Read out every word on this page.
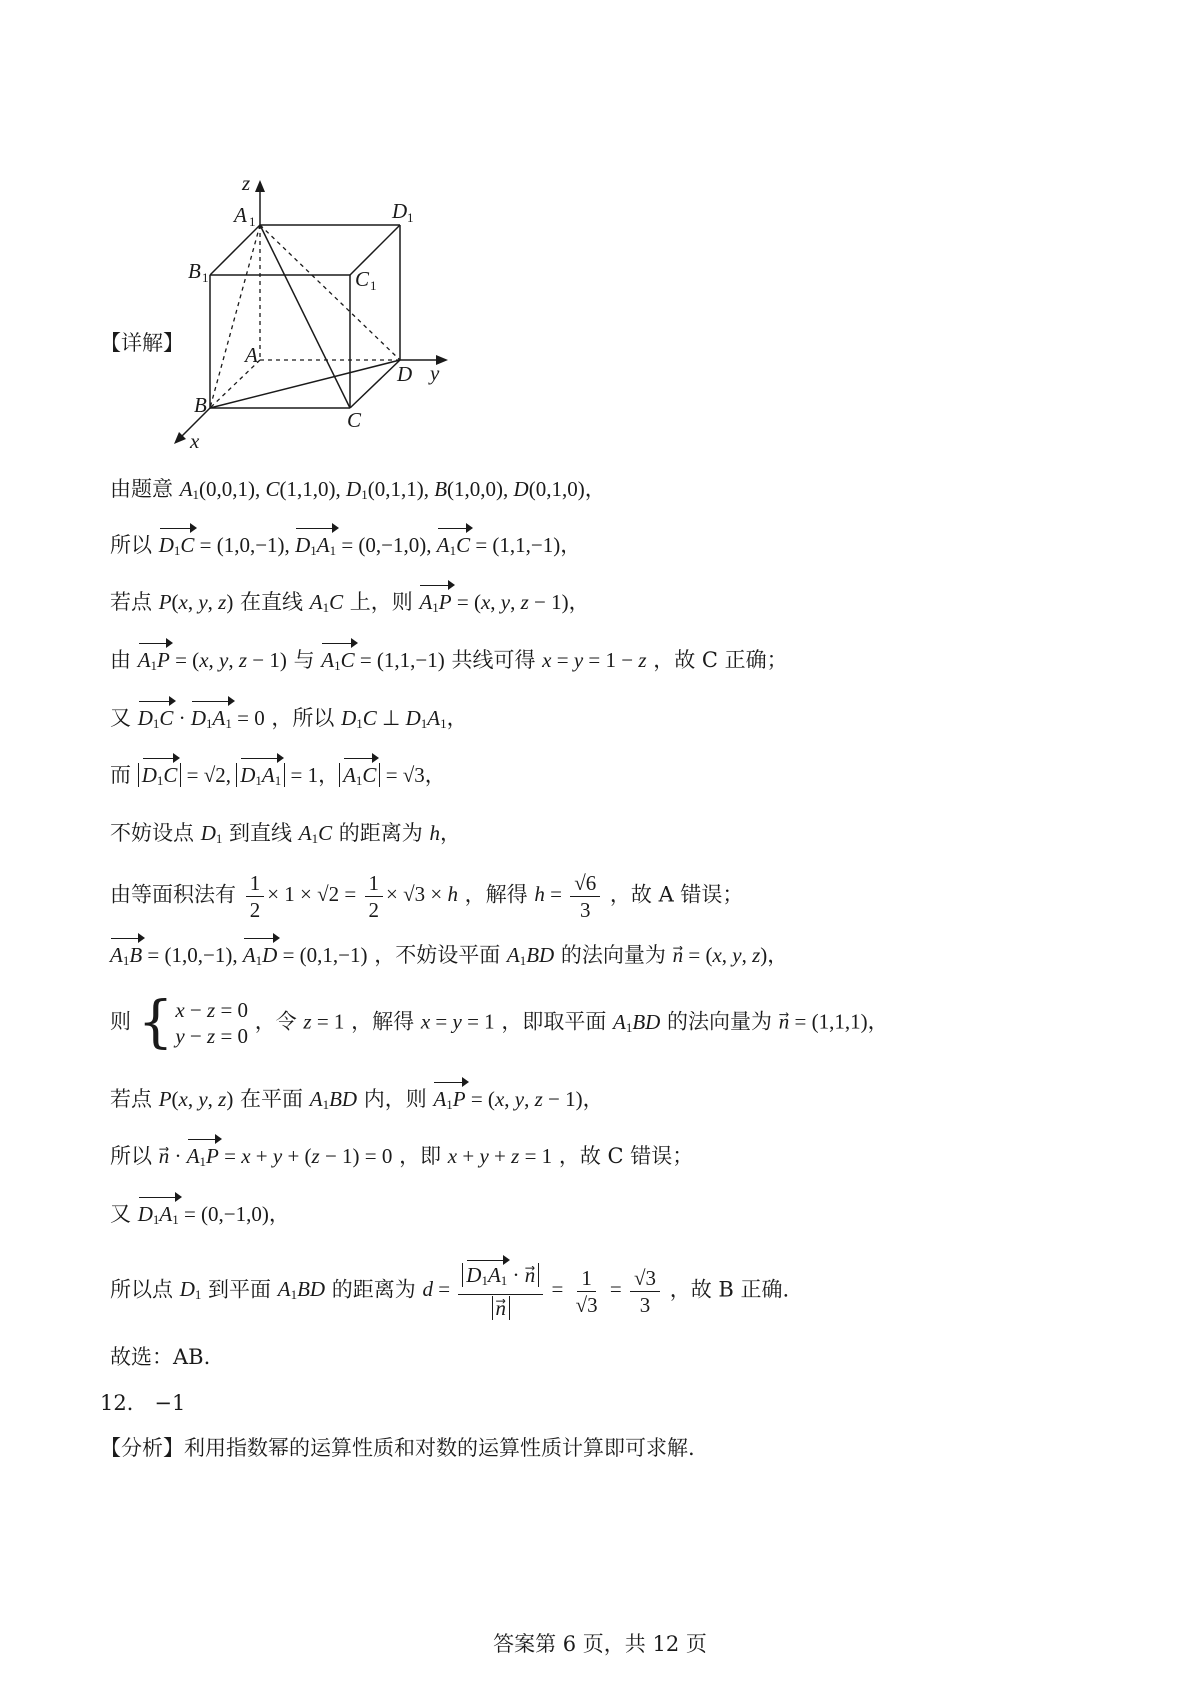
z
A 1	D 1
B 1	C 1
A
D y
B
C
x
【详解】
由题意 $A_1(0,0,1)$, C(1,1,0), $D_1(0,1,1)$, B(1,0,0), D(0,1,0)，
所以 $D_1C = (1,0,-1)$, $D_1A_1 = (0,-1,0)$, $A_1C = (1,1,-1)$，
若点 P(x, y, z) 在直线 $A_1C$ 上，则 $A_1P = (x$, y, z − 1)，
由 $A_1P = (x$, y, z − 1) 与 $A_1C = (1,1,-1)$ 共线可得 x = y = 1 − z ，故 C 正确；
又 $D_1C \cdot D_1A_1 = 0$ ，所以 $D_1C$ ⊥ $D_1A_1$，
而 $D_1C = √2$, $D_1A_1 = 1$， $A_1C = √3$，
不妨设点 $D_1$ 到直线 $A_1C$ 的距离为 h，
由等面积法有 $\frac{1}{2} \times 1 \times √2 = \frac{1}{2} \times √3 \times h$ ，解得 $h = \frac{√6}{3}$ ，故 A 错误；
$A_1B = (1,0,-1)$, $A_1D = (0,1,-1)$ ，不妨设平面 $A_1BD$ 的法向量为 n⃗ = (x, y, z)，
则 { x − z = 0
y − z = 0
，令 z = 1 ，解得 x = y = 1 ，即取平面 $A_1BD$ 的法向量为 n⃗ = (1,1,1)，
若点 P(x, y, z) 在平面 $A_1BD$ 内，则 $A_1P = (x$, y, z − 1)，
所以 n⃗ · $A_1P = x + y + (z - 1) = 0$ ，即 x + y + z = 1 ，故 C 错误；
又 $D_1A_1 = (0,-1,0)$，
所以点 $D_1$ 到平面 $A_1BD$ 的距离为 $d = \frac{D_1A_1 \cdot n}{n} = \frac{1}{√3} = \frac{√3}{3}$ ，故 B 正确.
故选：AB.
12． −1
【分析】利用指数幂的运算性质和对数的运算性质计算即可求解.
答案第 6 页，共 12 页
